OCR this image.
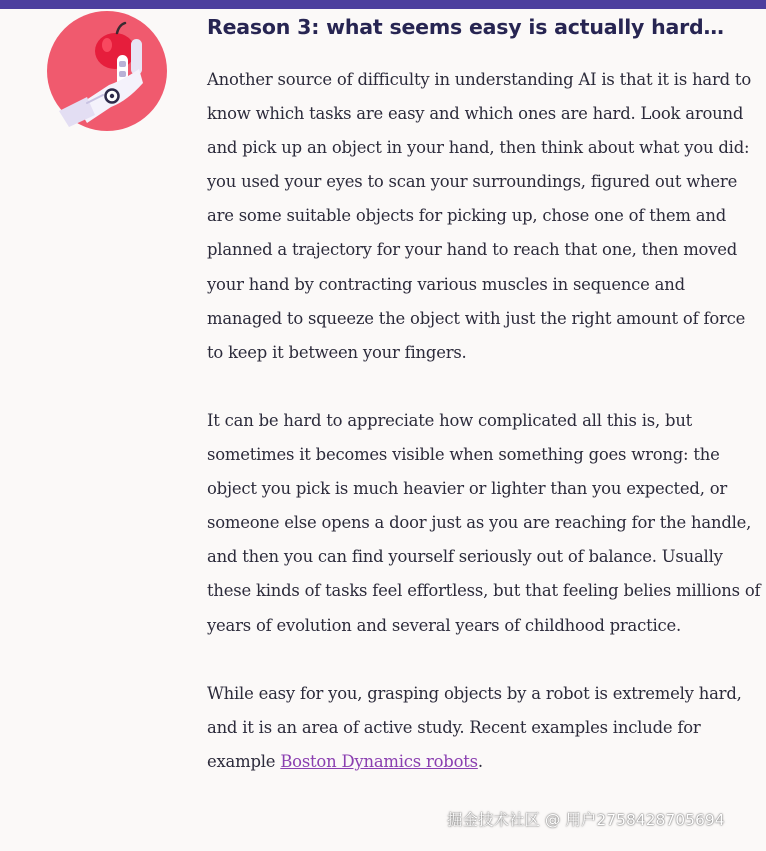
Reason 3: what seems easy is actually hard…

Another source of difficulty in understanding AI is that it is hard to know which tasks are easy and which ones are hard. Look around and pick up an object in your hand, then think about what you did: you used your eyes to scan your surroundings, figured out where are some suitable objects for picking up, chose one of them and planned a trajectory for your hand to reach that one, then moved your hand by contracting various muscles in sequence and managed to squeeze the object with just the right amount of force to keep it between your fingers.

It can be hard to appreciate how complicated all this is, but sometimes it becomes visible when something goes wrong: the object you pick is much heavier or lighter than you expected, or someone else opens a door just as you are reaching for the handle, and then you can find yourself seriously out of balance. Usually these kinds of tasks feel effortless, but that feeling belies millions of years of evolution and several years of childhood practice.

While easy for you, grasping objects by a robot is extremely hard, and it is an area of active study. Recent examples include for example Boston Dynamics robots.

掘金技术社区 @ 用户2758428705694
